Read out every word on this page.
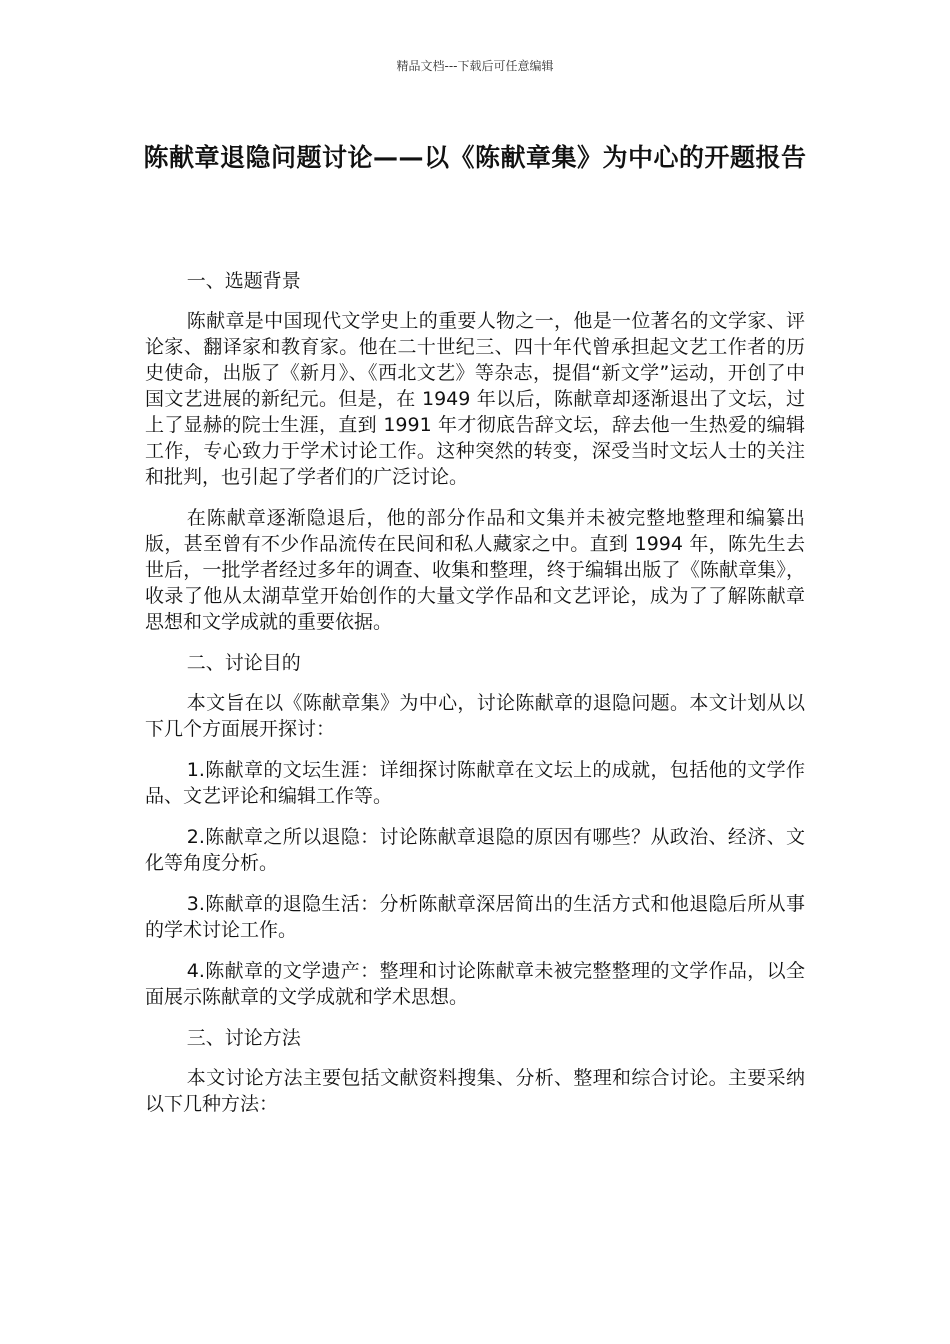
精品文档---下载后可任意编辑
陈献章退隐问题讨论——以《陈献章集》为中心的开题报告

一、选题背景

陈献章是中国现代文学史上的重要人物之一，他是一位著名的文学家、评论家、翻译家和教育家。他在二十世纪三、四十年代曾承担起文艺工作者的历史使命，出版了《新月》、《西北文艺》等杂志，提倡“新文学”运动，开创了中国文艺进展的新纪元。但是，在 1949 年以后，陈献章却逐渐退出了文坛，过上了显赫的院士生涯，直到 1991 年才彻底告辞文坛，辞去他一生热爱的编辑工作，专心致力于学术讨论工作。这种突然的转变，深受当时文坛人士的关注和批判，也引起了学者们的广泛讨论。

在陈献章逐渐隐退后，他的部分作品和文集并未被完整地整理和编纂出版，甚至曾有不少作品流传在民间和私人藏家之中。直到 1994 年，陈先生去世后，一批学者经过多年的调查、收集和整理，终于编辑出版了《陈献章集》，收录了他从太湖草堂开始创作的大量文学作品和文艺评论，成为了了解陈献章思想和文学成就的重要依据。

二、讨论目的

本文旨在以《陈献章集》为中心，讨论陈献章的退隐问题。本文计划从以下几个方面展开探讨：

1.陈献章的文坛生涯：详细探讨陈献章在文坛上的成就，包括他的文学作品、文艺评论和编辑工作等。

2.陈献章之所以退隐：讨论陈献章退隐的原因有哪些？从政治、经济、文化等角度分析。

3.陈献章的退隐生活：分析陈献章深居简出的生活方式和他退隐后所从事的学术讨论工作。

4.陈献章的文学遗产：整理和讨论陈献章未被完整整理的文学作品，以全面展示陈献章的文学成就和学术思想。

三、讨论方法

本文讨论方法主要包括文献资料搜集、分析、整理和综合讨论。主要采纳以下几种方法：
